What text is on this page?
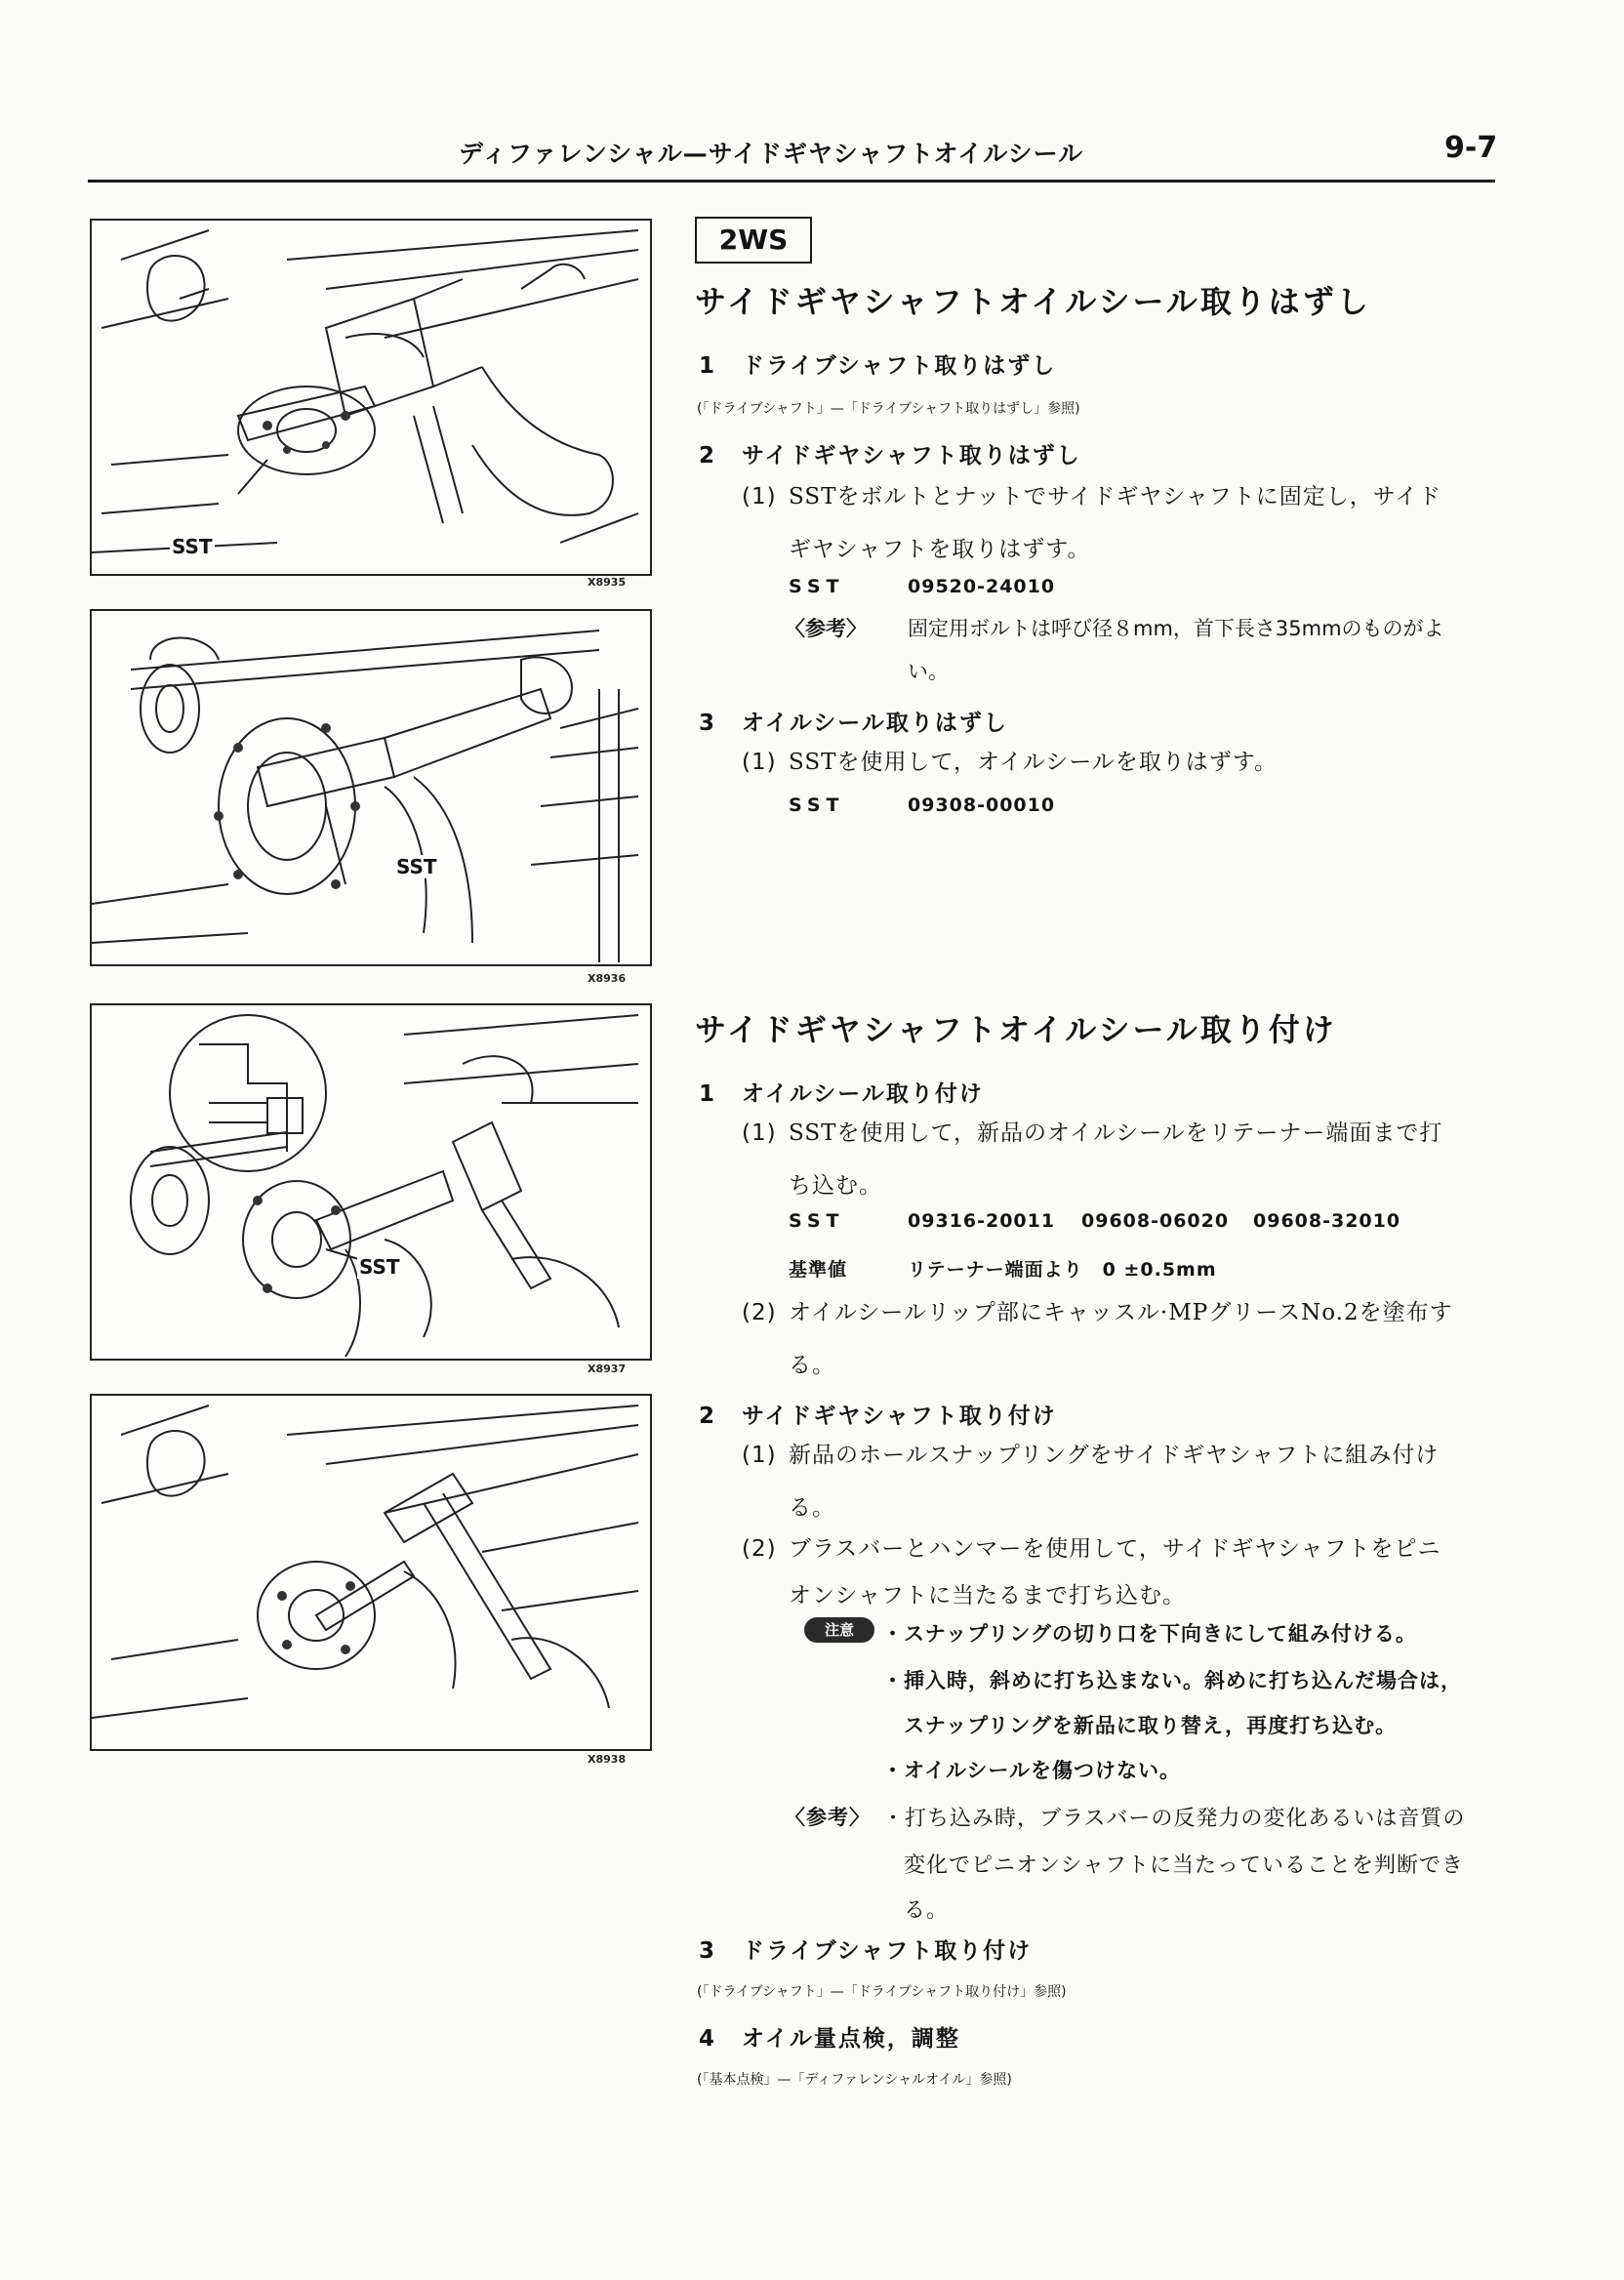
ディファレンシャル—サイドギヤシャフトオイルシール	9-7
SST
X8935
SST
X8936
SST
X8937
X8938
2WS
サイドギヤシャフトオイルシール取りはずし
1 ドライブシャフト取りはずし
(「ドライブシャフト」—「ドライブシャフト取りはずし」参照)
2 サイドギヤシャフト取りはずし
(1) SSTをボルトとナットでサイドギヤシャフトに固定し，サイド
ギヤシャフトを取りはずす。
SST	09520-24010
〈参考〉 固定用ボルトは呼び径８mm，首下長さ35mmのものがよ
い。
3 オイルシール取りはずし
(1) SSTを使用して，オイルシールを取りはずす。
SST	09308-00010
サイドギヤシャフトオイルシール取り付け
1 オイルシール取り付け
(1) SSTを使用して，新品のオイルシールをリテーナー端面まで打
ち込む。
SST	09316-20011 09608-06020 09608-32010
基準値	リテーナー端面より　0 ±0.5mm
(2) オイルシールリップ部にキャッスル·MPグリースNo.2を塗布す
る。
2 サイドギヤシャフト取り付け
(1) 新品のホールスナップリングをサイドギヤシャフトに組み付け
る。
(2) ブラスバーとハンマーを使用して，サイドギヤシャフトをピニ
オンシャフトに当たるまで打ち込む。
注意	・スナップリングの切り口を下向きにして組み付ける。
・挿入時，斜めに打ち込まない。斜めに打ち込んだ場合は，
スナップリングを新品に取り替え，再度打ち込む。
・オイルシールを傷つけない。
〈参考〉 ・打ち込み時，ブラスバーの反発力の変化あるいは音質の
変化でピニオンシャフトに当たっていることを判断でき
る。
3 ドライブシャフト取り付け
(「ドライブシャフト」—「ドライブシャフト取り付け」参照)
4 オイル量点検，調整
(「基本点検」—「ディファレンシャルオイル」参照)
